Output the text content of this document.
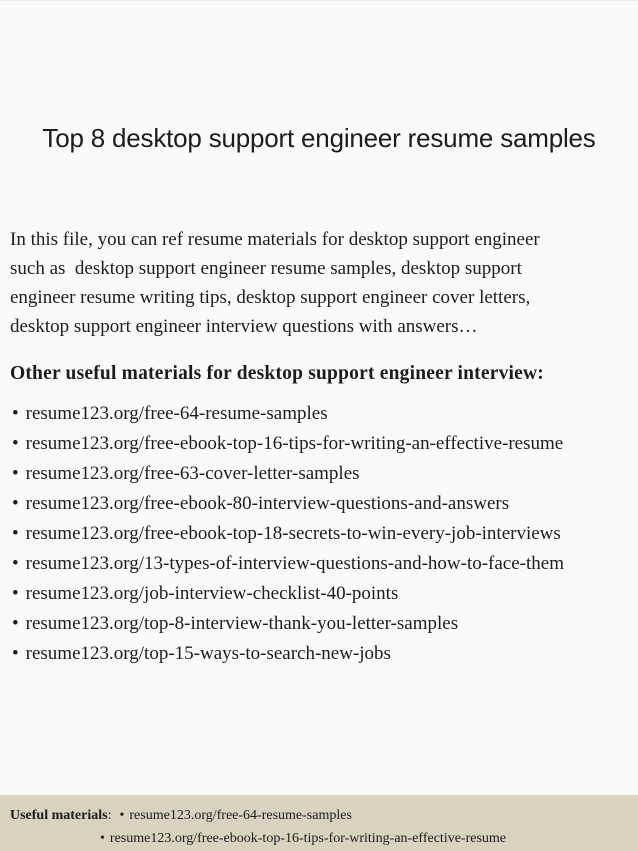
Top 8 desktop support engineer resume samples
In this file, you can ref resume materials for desktop support engineer
such as  desktop support engineer resume samples, desktop support
engineer resume writing tips, desktop support engineer cover letters,
desktop support engineer interview questions with answers…
Other useful materials for desktop support engineer interview:
• resume123.org/free-64-resume-samples
• resume123.org/free-ebook-top-16-tips-for-writing-an-effective-resume
• resume123.org/free-63-cover-letter-samples
• resume123.org/free-ebook-80-interview-questions-and-answers
• resume123.org/free-ebook-top-18-secrets-to-win-every-job-interviews
• resume123.org/13-types-of-interview-questions-and-how-to-face-them
• resume123.org/job-interview-checklist-40-points
• resume123.org/top-8-interview-thank-you-letter-samples
• resume123.org/top-15-ways-to-search-new-jobs
Useful materials: • resume123.org/free-64-resume-samples
• resume123.org/free-ebook-top-16-tips-for-writing-an-effective-resume
